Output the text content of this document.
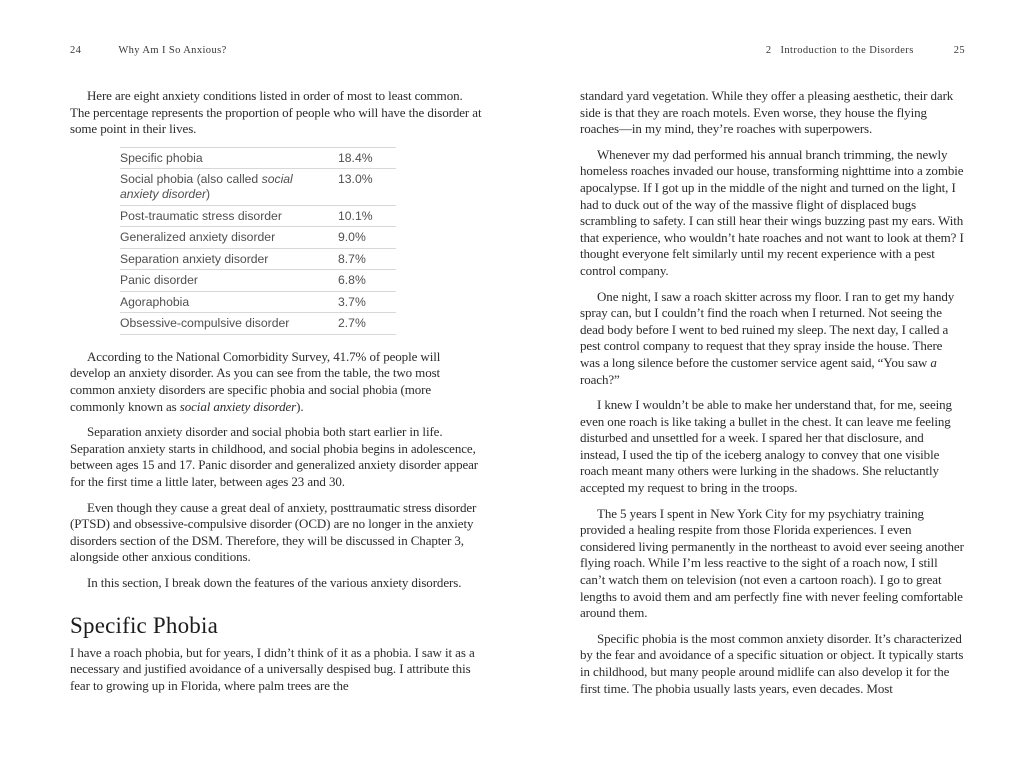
24	Why Am I So Anxious?	2 Introduction to the Disorders	25

Here are eight anxiety conditions listed in order of most to least common. The percentage represents the proportion of people who will have the disorder at some point in their lives.

Specific phobia	18.4%
Social phobia (also called social anxiety disorder)	13.0%
Post-traumatic stress disorder	10.1%
Generalized anxiety disorder	9.0%
Separation anxiety disorder	8.7%
Panic disorder	6.8%
Agoraphobia	3.7%
Obsessive-compulsive disorder	2.7%

According to the National Comorbidity Survey, 41.7% of people will develop an anxiety disorder. As you can see from the table, the two most common anxiety disorders are specific phobia and social phobia (more commonly known as social anxiety disorder).

Separation anxiety disorder and social phobia both start earlier in life. Separation anxiety starts in childhood, and social phobia begins in adolescence, between ages 15 and 17. Panic disorder and generalized anxiety disorder appear for the first time a little later, between ages 23 and 30.

Even though they cause a great deal of anxiety, posttraumatic stress disorder (PTSD) and obsessive-compulsive disorder (OCD) are no longer in the anxiety disorders section of the DSM. Therefore, they will be discussed in Chapter 3, alongside other anxious conditions.

In this section, I break down the features of the various anxiety disorders.

Specific Phobia

I have a roach phobia, but for years, I didn’t think of it as a phobia. I saw it as a necessary and justified avoidance of a universally despised bug. I attribute this fear to growing up in Florida, where palm trees are the

standard yard vegetation. While they offer a pleasing aesthetic, their dark side is that they are roach motels. Even worse, they house the flying roaches—in my mind, they’re roaches with superpowers.

Whenever my dad performed his annual branch trimming, the newly homeless roaches invaded our house, transforming nighttime into a zombie apocalypse. If I got up in the middle of the night and turned on the light, I had to duck out of the way of the massive flight of displaced bugs scrambling to safety. I can still hear their wings buzzing past my ears. With that experience, who wouldn’t hate roaches and not want to look at them? I thought everyone felt similarly until my recent experience with a pest control company.

One night, I saw a roach skitter across my floor. I ran to get my handy spray can, but I couldn’t find the roach when I returned. Not seeing the dead body before I went to bed ruined my sleep. The next day, I called a pest control company to request that they spray inside the house. There was a long silence before the customer service agent said, “You saw a roach?”

I knew I wouldn’t be able to make her understand that, for me, seeing even one roach is like taking a bullet in the chest. It can leave me feeling disturbed and unsettled for a week. I spared her that disclosure, and instead, I used the tip of the iceberg analogy to convey that one visible roach meant many others were lurking in the shadows. She reluctantly accepted my request to bring in the troops.

The 5 years I spent in New York City for my psychiatry training provided a healing respite from those Florida experiences. I even considered living permanently in the northeast to avoid ever seeing another flying roach. While I’m less reactive to the sight of a roach now, I still can’t watch them on television (not even a cartoon roach). I go to great lengths to avoid them and am perfectly fine with never feeling comfortable around them.

Specific phobia is the most common anxiety disorder. It’s characterized by the fear and avoidance of a specific situation or object. It typically starts in childhood, but many people around midlife can also develop it for the first time. The phobia usually lasts years, even decades. Most
